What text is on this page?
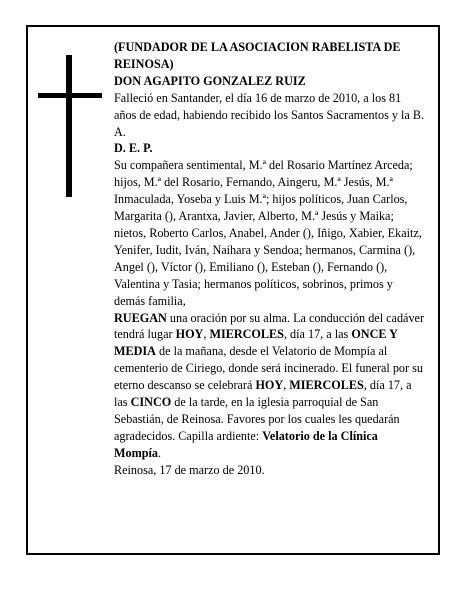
(FUNDADOR DE LA ASOCIACION RABELISTA DE REINOSA)

DON AGAPITO GONZALEZ RUIZ

Falleció en Santander, el día 16 de marzo de 2010, a los 81 años de edad, habiendo recibido los Santos Sacramentos y la B. A.

D. E. P.

Su compañera sentimental, M.ª del Rosario Martínez Arceda; hijos, M.ª del Rosario, Fernando, Aingeru, M.ª Jesús, M.ª Inmaculada, Yoseba y Luis M.ª; hijos políticos, Juan Carlos, Margarita (), Arantxa, Javier, Alberto, M.ª Jesús y Maika; nietos, Roberto Carlos, Anabel, Ander (), Iñigo, Xabier, Ekaitz, Yenifer, Iudit, Iván, Naihara y Sendoa; hermanos, Carmina (), Angel (), Víctor (), Emiliano (), Esteban (), Fernando (), Valentina y Tasia; hermanos políticos, sobrinos, primos y demás familia,

RUEGAN una oración por su alma. La conducción del cadáver tendrá lugar HOY, MIERCOLES, día 17, a las ONCE Y MEDIA de la mañana, desde el Velatorio de Mompía al cementerio de Ciriego, donde será incinerado. El funeral por su eterno descanso se celebrará HOY, MIERCOLES, día 17, a las CINCO de la tarde, en la iglesia parroquial de San Sebastián, de Reinosa. Favores por los cuales les quedarán agradecidos. Capilla ardiente: Velatorio de la Clínica Mompía.

Reinosa, 17 de marzo de 2010.
